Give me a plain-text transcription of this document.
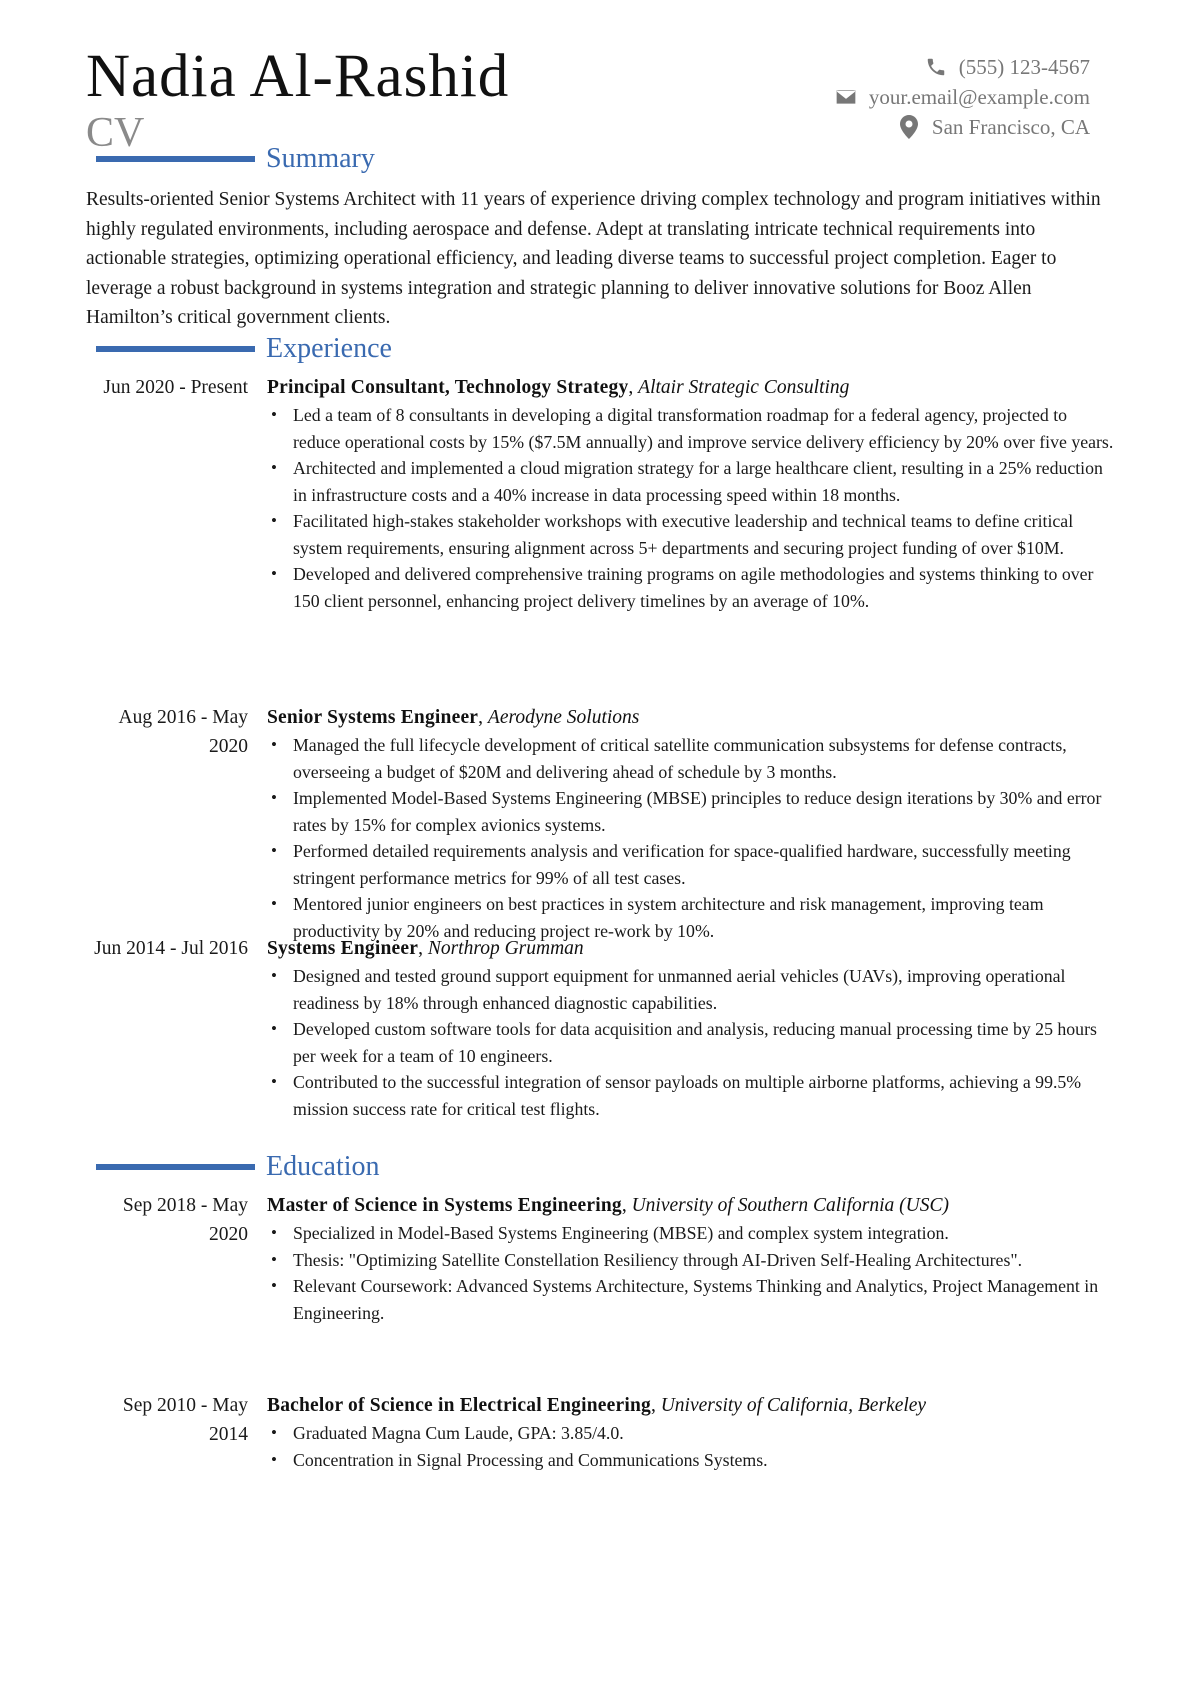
Nadia Al-Rashid
CV
(555) 123-4567
your.email@example.com
San Francisco, CA
Summary

Results-oriented Senior Systems Architect with 11 years of experience driving complex technology and program initiatives within highly regulated environments, including aerospace and defense. Adept at translating intricate technical requirements into actionable strategies, optimizing operational efficiency, and leading diverse teams to successful project completion. Eager to leverage a robust background in systems integration and strategic planning to deliver innovative solutions for Booz Allen Hamilton’s critical government clients.

Experience
Jun 2020 - Present Principal Consultant, Technology Strategy, Altair Strategic Consulting
• Led a team of 8 consultants in developing a digital transformation roadmap for a federal agency, projected to reduce operational costs by 15% ($7.5M annually) and improve service delivery efficiency by 20% over five years.
• Architected and implemented a cloud migration strategy for a large healthcare client, resulting in a 25% reduction in infrastructure costs and a 40% increase in data processing speed within 18 months.
• Facilitated high-stakes stakeholder workshops with executive leadership and technical teams to define critical system requirements, ensuring alignment across 5+ departments and securing project funding of over $10M.
• Developed and delivered comprehensive training programs on agile methodologies and systems thinking to over 150 client personnel, enhancing project delivery timelines by an average of 10%.
Aug 2016 - May 2020
Senior Systems Engineer, Aerodyne Solutions
• Managed the full lifecycle development of critical satellite communication subsystems for defense contracts, overseeing a budget of $20M and delivering ahead of schedule by 3 months.
• Implemented Model-Based Systems Engineering (MBSE) principles to reduce design iterations by 30% and error rates by 15% for complex avionics systems.
• Performed detailed requirements analysis and verification for space-qualified hardware, successfully meeting stringent performance metrics for 99% of all test cases.
• Mentored junior engineers on best practices in system architecture and risk management, improving team productivity by 20% and reducing project re-work by 10%.
Jun 2014 - Jul 2016 Systems Engineer, Northrop Grumman
• Designed and tested ground support equipment for unmanned aerial vehicles (UAVs), improving operational readiness by 18% through enhanced diagnostic capabilities.
• Developed custom software tools for data acquisition and analysis, reducing manual processing time by 25 hours per week for a team of 10 engineers.
• Contributed to the successful integration of sensor payloads on multiple airborne platforms, achieving a 99.5% mission success rate for critical test flights.
Education
Sep 2018 - May 2020
Master of Science in Systems Engineering, University of Southern California (USC)
• Specialized in Model-Based Systems Engineering (MBSE) and complex system integration.
• Thesis: "Optimizing Satellite Constellation Resiliency through AI-Driven Self-Healing Architectures".
• Relevant Coursework: Advanced Systems Architecture, Systems Thinking and Analytics, Project Management in Engineering.
Sep 2010 - May 2014
Bachelor of Science in Electrical Engineering, University of California, Berkeley
• Graduated Magna Cum Laude, GPA: 3.85/4.0.
• Concentration in Signal Processing and Communications Systems.
